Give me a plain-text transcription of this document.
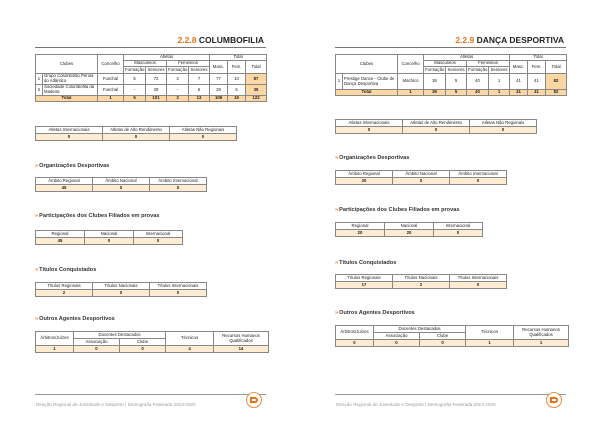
2.2.8 COLUMBOFILIA
Clubes		Concelho	Atletas				Total		
			Masculinos		Femininos		Masc.	Fem.	Total
			Formação	Seniores	Formação	Seniores			
1	Grupo Columbófilo Pérola do Atlântico	Funchal	5	72	3	7	77	10	87
2	Sociedade Columbófila da Madeira	Funchal	-	29	-	6	29	6	35
Total		1	5	101	3	13	106	16	122
Atletas Internacionais	Atletas de Alto Rendimento	Atletas Não Regionais
0	0	0
»Organizações Desportivas
Âmbito Regional	Âmbito Nacional	Âmbito Internacional
45	0	0
»Participações dos Clubes Filiados em provas
Regional	Nacional	Internacional
45	0	0
»Títulos Conquistados
Títulos Regionais	Títulos Nacionais	Títulos Internacionais
2	0	0
»Outros Agentes Desportivos
Árbitros/Juízes	Docentes Destacados		Técnicos	Recursos Humanos Qualificados
	Associação	Clube		
1	0	0	4	14
Direção Regional de Juventude e Desporto | Demografia Federada 2013-2020
2.2.9 DANÇA DESPORTIVA
Clubes		Concelho	Atletas				Total		
			Masculinos		Femininos		Masc.	Fem.	Total
			Formação	Seniores	Formação	Seniores			
1	Prestige Dance - Clube de Dança Desportiva	Machico	36	5	40	1	41	41	82
Total		1	36	5	40	1	41	41	82
Atletas Internacionais	Atletas de Alto Rendimento	Atletas Não Regionais
0	0	0
»Organizações Desportivas
Âmbito Regional	Âmbito Nacional	Âmbito Internacional
20	0	0
»Participações dos Clubes Filiados em provas
Regional	Nacional	Internacional
20	20	0
»Títulos Conquistados
Títulos Regionais	Títulos Nacionais	Títulos Internacionais
17	2	0
»Outros Agentes Desportivos
Árbitros/Juízes	Docentes Destacados		Técnicos	Recursos Humanos Qualificados
	Associação	Clube		
0	0	0	1	1
Direção Regional de Juventude e Desporto | Demografia Federada 2013-2020
